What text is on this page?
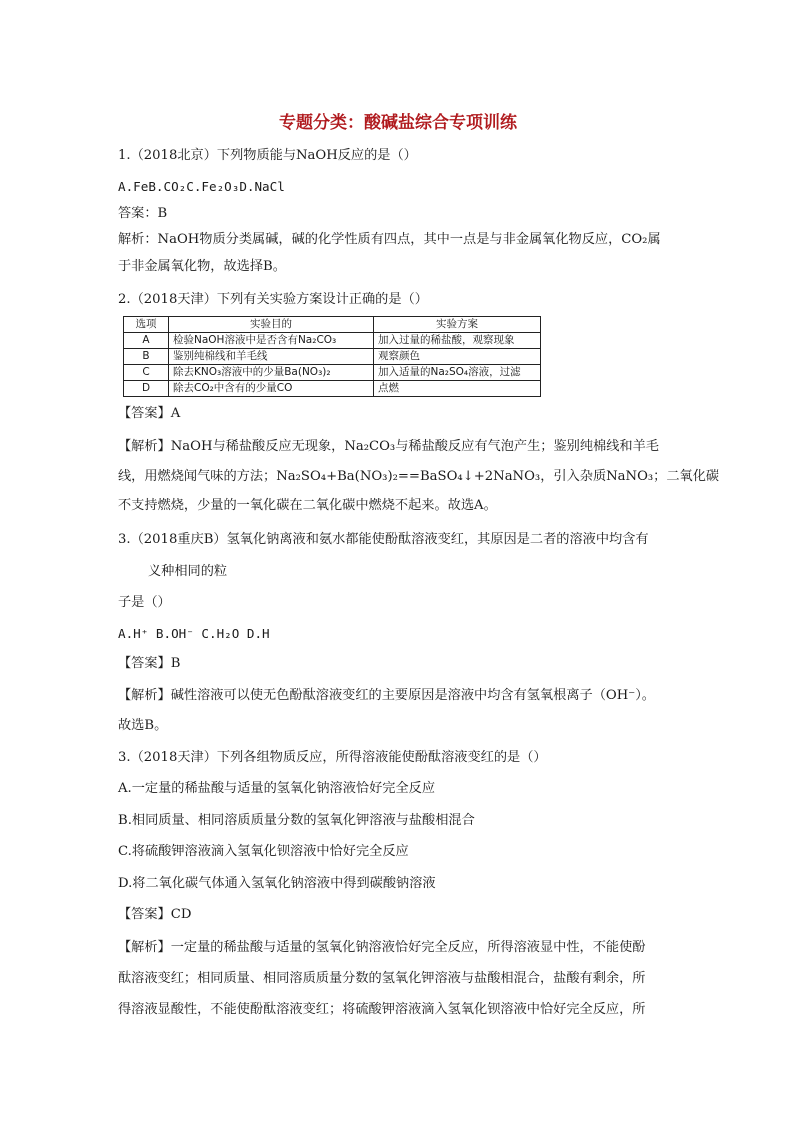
专题分类：酸碱盐综合专项训练
1.（2018北京）下列物质能与NaOH反应的是（）
A.FeB.CO₂C.Fe₂O₃D.NaCl
答案：B
解析：NaOH物质分类属碱，碱的化学性质有四点，其中一点是与非金属氧化物反应，CO₂属
于非金属氧化物，故选择B。
2.（2018天津）下列有关实验方案设计正确的是（）
选项	实验目的	实验方案
A	检验NaOH溶液中是否含有Na₂CO₃	加入过量的稀盐酸，观察现象
B	鉴别纯棉线和羊毛线	观察颜色
C	除去KNO₃溶液中的少量Ba(NO₃)₂	加入适量的Na₂SO₄溶液，过滤
D	除去CO₂中含有的少量CO	点燃
【答案】A
【解析】NaOH与稀盐酸反应无现象，Na₂CO₃与稀盐酸反应有气泡产生；鉴别纯棉线和羊毛
线，用燃烧闻气味的方法；Na₂SO₄+Ba(NO₃)₂==BaSO₄↓+2NaNO₃，引入杂质NaNO₃；二氧化碳
不支持燃烧，少量的一氧化碳在二氧化碳中燃烧不起来。故选A。
3.（2018重庆B）氢氧化钠离液和氨水都能使酚酞溶液变红，其原因是二者的溶液中均含有
义种相同的粒
子是（）
A.H⁺ B.OH⁻ C.H₂O D.H
【答案】B
【解析】碱性溶液可以使无色酚酞溶液变红的主要原因是溶液中均含有氢氧根离子（OH⁻）。
故选B。
3.（2018天津）下列各组物质反应，所得溶液能使酚酞溶液变红的是（）
A.一定量的稀盐酸与适量的氢氧化钠溶液恰好完全反应
B.相同质量、相同溶质质量分数的氢氧化钾溶液与盐酸相混合
C.将硫酸钾溶液滴入氢氧化钡溶液中恰好完全反应
D.将二氧化碳气体通入氢氧化钠溶液中得到碳酸钠溶液
【答案】CD
【解析】一定量的稀盐酸与适量的氢氧化钠溶液恰好完全反应，所得溶液显中性，不能使酚
酞溶液变红；相同质量、相同溶质质量分数的氢氧化钾溶液与盐酸相混合，盐酸有剩余，所
得溶液显酸性，不能使酚酞溶液变红；将硫酸钾溶液滴入氢氧化钡溶液中恰好完全反应，所
